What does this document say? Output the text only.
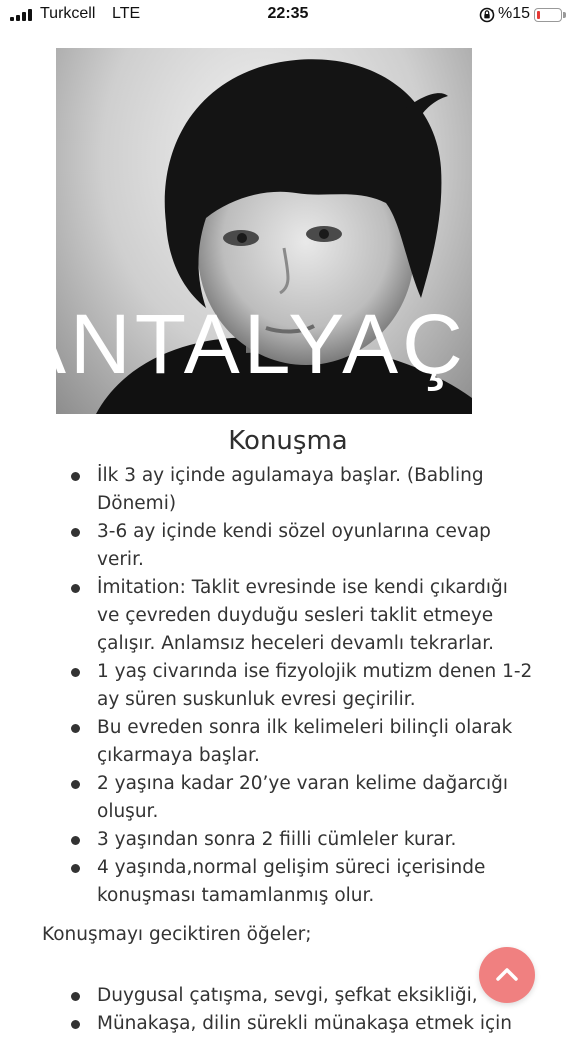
Turkcell LTE	22:35	%15
ANTALYAÇ
Konuşma
İlk 3 ay içinde agulamaya başlar. (Babling Dönemi)
3-6 ay içinde kendi sözel oyunlarına cevap verir.
İmitation: Taklit evresinde ise kendi çıkardığı ve çevreden duyduğu sesleri taklit etmeye çalışır. Anlamsız heceleri devamlı tekrarlar.
1 yaş civarında ise fizyolojik mutizm denen 1-2 ay süren suskunluk evresi geçirilir.
Bu evreden sonra ilk kelimeleri bilinçli olarak çıkarmaya başlar.
2 yaşına kadar 20’ye varan kelime dağarcığı oluşur.
3 yaşından sonra 2 fiilli cümleler kurar.
4 yaşında,normal gelişim süreci içerisinde konuşması tamamlanmış olur.
Konuşmayı geciktiren öğeler;
Duygusal çatışma, sevgi, şefkat eksikliği,
Münakaşa, dilin sürekli münakaşa etmek için
